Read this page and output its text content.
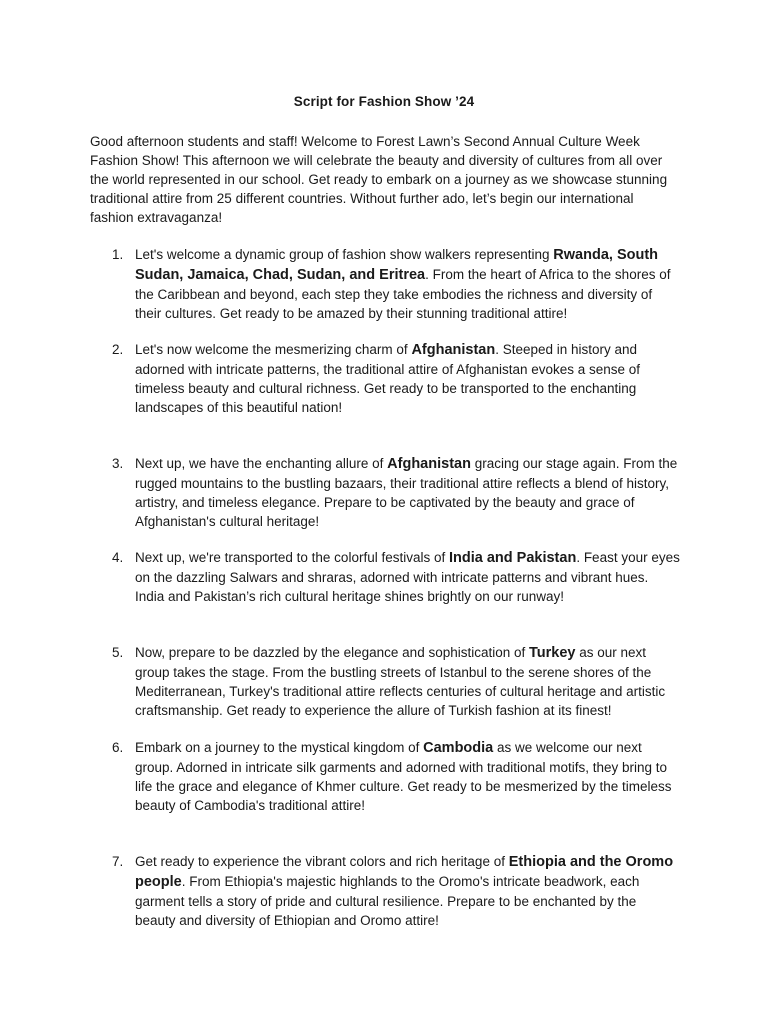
Script for Fashion Show ’24
Good afternoon students and staff! Welcome to Forest Lawn’s Second Annual Culture Week Fashion Show! This afternoon we will celebrate the beauty and diversity of cultures from all over the world represented in our school. Get ready to embark on a journey as we showcase stunning traditional attire from 25 different countries. Without further ado, let’s begin our international fashion extravaganza!
1. Let's welcome a dynamic group of fashion show walkers representing Rwanda, South Sudan, Jamaica, Chad, Sudan, and Eritrea. From the heart of Africa to the shores of the Caribbean and beyond, each step they take embodies the richness and diversity of their cultures. Get ready to be amazed by their stunning traditional attire!
2. Let's now welcome the mesmerizing charm of Afghanistan. Steeped in history and adorned with intricate patterns, the traditional attire of Afghanistan evokes a sense of timeless beauty and cultural richness. Get ready to be transported to the enchanting landscapes of this beautiful nation!
3. Next up, we have the enchanting allure of Afghanistan gracing our stage again. From the rugged mountains to the bustling bazaars, their traditional attire reflects a blend of history, artistry, and timeless elegance. Prepare to be captivated by the beauty and grace of Afghanistan's cultural heritage!
4. Next up, we're transported to the colorful festivals of India and Pakistan. Feast your eyes on the dazzling Salwars and shraras, adorned with intricate patterns and vibrant hues. India and Pakistan’s rich cultural heritage shines brightly on our runway!
5. Now, prepare to be dazzled by the elegance and sophistication of Turkey as our next group takes the stage. From the bustling streets of Istanbul to the serene shores of the Mediterranean, Turkey's traditional attire reflects centuries of cultural heritage and artistic craftsmanship. Get ready to experience the allure of Turkish fashion at its finest!
6. Embark on a journey to the mystical kingdom of Cambodia as we welcome our next group. Adorned in intricate silk garments and adorned with traditional motifs, they bring to life the grace and elegance of Khmer culture. Get ready to be mesmerized by the timeless beauty of Cambodia's traditional attire!
7. Get ready to experience the vibrant colors and rich heritage of Ethiopia and the Oromo people. From Ethiopia's majestic highlands to the Oromo's intricate beadwork, each garment tells a story of pride and cultural resilience. Prepare to be enchanted by the beauty and diversity of Ethiopian and Oromo attire!
